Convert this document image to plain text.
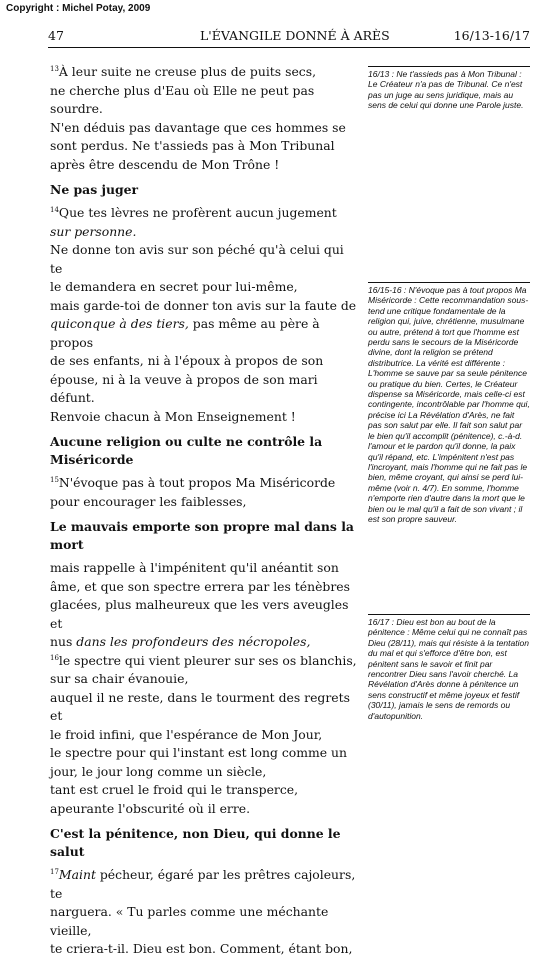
Copyright : Michel Potay, 2009
47	L'ÉVANGILE DONNÉ À ARÈS	16/13-16/17

$^{13}$À leur suite ne creuse plus de puits secs,

ne cherche plus d'Eau où Elle ne peut pas sourdre.

N'en déduis pas davantage que ces hommes se

sont perdus. Ne t'assieds pas à Mon Tribunal

après être descendu de Mon Trône !

Ne pas juger

$^{14}$Que tes lèvres ne profèrent aucun jugement

sur personne.

Ne donne ton avis sur son péché qu'à celui qui te

le demandera en secret pour lui-même,

mais garde-toi de donner ton avis sur la faute de

quiconque à des tiers, pas même au père à propos

de ses enfants, ni à l'époux à propos de son

épouse, ni à la veuve à propos de son mari défunt.

Renvoie chacun à Mon Enseignement !

Aucune religion ou culte ne contrôle la Miséricorde

$^{15}$N'évoque pas à tout propos Ma Miséricorde

pour encourager les faiblesses,

Le mauvais emporte son propre mal dans la mort

mais rappelle à l'impénitent qu'il anéantit son

âme, et que son spectre errera par les ténèbres

glacées, plus malheureux que les vers aveugles et

nus dans les profondeurs des nécropoles,

$^{16}$le spectre qui vient pleurer sur ses os blanchis,

sur sa chair évanouie,

auquel il ne reste, dans le tourment des regrets et

le froid infini, que l'espérance de Mon Jour,

le spectre pour qui l'instant est long comme un

jour, le jour long comme un siècle,

tant est cruel le froid qui le transperce,

apeurante l'obscurité où il erre.

C'est la pénitence, non Dieu, qui donne le salut

$^{17}$Maint pécheur, égaré par les prêtres cajoleurs, te

narguera. « Tu parles comme une méchante vieille,

te criera-t-il. Dieu est bon. Comment, étant bon,

16/13 : Ne t'assieds pas à Mon Tribunal : Le Créateur n'a pas de Tribunal. Ce n'est pas un juge au sens juridique, mais au sens de celui qui donne une Parole juste.
16/15-16 : N'évoque pas à tout propos Ma Miséricorde : Cette recommandation sous-tend une critique fondamentale de la religion qui, juive, chrétienne, musulmane ou autre, prétend à tort que l'homme est perdu sans le secours de la Miséricorde divine, dont la religion se prétend distributrice. La vérité est différente : L'homme se sauve par sa seule pénitence ou pratique du bien. Certes, le Créateur dispense sa Miséricorde, mais celle-ci est contingente, incontrôlable par l'homme qui, précise ici La Révélation d'Arès, ne fait pas son salut par elle. Il fait son salut par le bien qu'il accomplit (pénitence), c.-à-d. l'amour et le pardon qu'il donne, la paix qu'il répand, etc. L'impénitent n'est pas l'incroyant, mais l'homme qui ne fait pas le bien, même croyant, qui ainsi se perd lui-même (voir n. 4/7). En somme, l'homme n'emporte rien d'autre dans la mort que le bien ou le mal qu'il a fait de son vivant ; il est son propre sauveur.
16/17 : Dieu est bon au bout de la pénitence : Même celui qui ne connaît pas Dieu (28/11), mais qui résiste à la tentation du mal et qui s'efforce d'être bon, est pénitent sans le savoir et finit par rencontrer Dieu sans l'avoir cherché. La Révélation d'Arès donne à pénitence un sens constructif et même joyeux et festif (30/11), jamais le sens de remords ou d'autopunition.
